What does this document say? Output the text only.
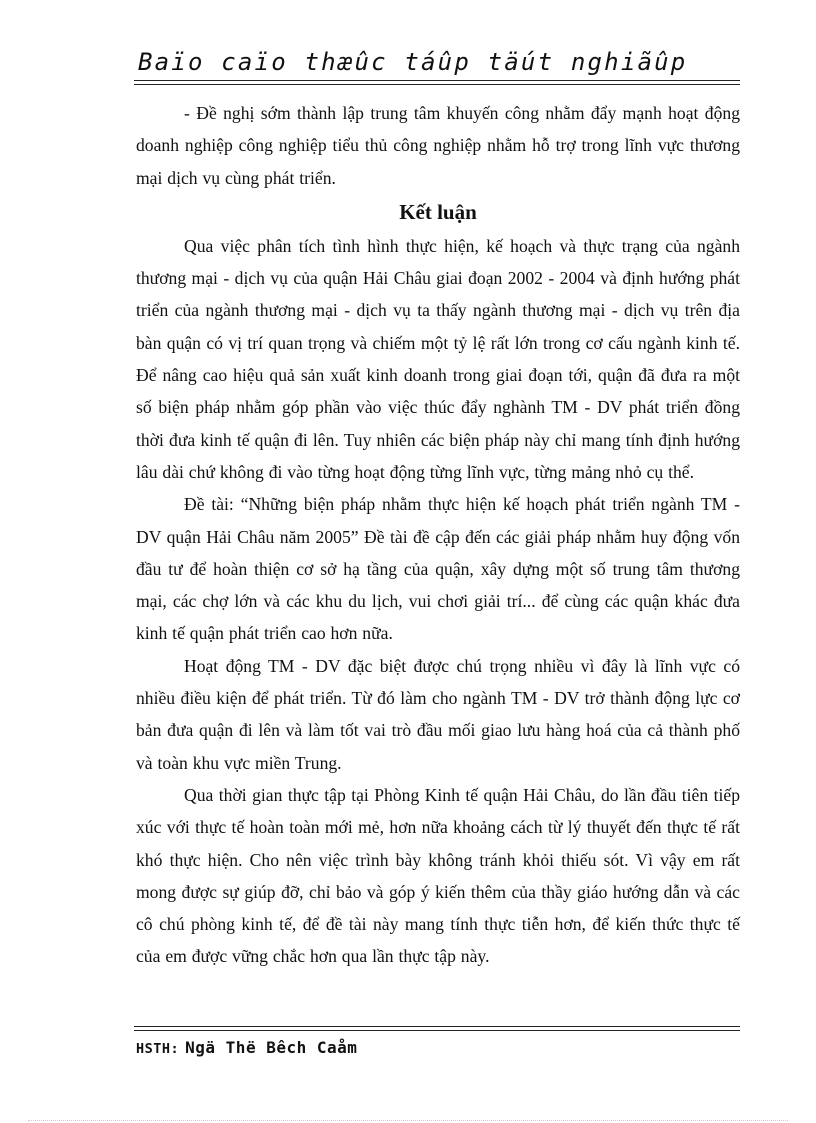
Baïo caïo thæûc táûp täút nghiãûp

- Đề nghị sớm thành lập trung tâm khuyến công nhằm đẩy mạnh hoạt động doanh nghiệp công nghiệp tiểu thủ công nghiệp nhằm hỗ trợ trong lĩnh vực thương mại dịch vụ cùng phát triển.

Kết luận

Qua việc phân tích tình hình thực hiện, kế hoạch và thực trạng của ngành thương mại - dịch vụ của quận Hải Châu giai đoạn 2002 - 2004 và định hướng phát triển của ngành thương mại - dịch vụ ta thấy ngành thương mại - dịch vụ trên địa bàn quận có vị trí quan trọng và chiếm một tỷ lệ rất lớn trong cơ cấu ngành kinh tế. Để nâng cao hiệu quả sản xuất kinh doanh trong giai đoạn tới, quận đã đưa ra một số biện pháp nhằm góp phần vào việc thúc đẩy nghành TM - DV phát triển đồng thời đưa kinh tế quận đi lên. Tuy nhiên các biện pháp này chỉ mang tính định hướng lâu dài chứ không đi vào từng hoạt động từng lĩnh vực, từng mảng nhỏ cụ thể.

Đề tài: “Những biện pháp nhằm thực hiện kế hoạch phát triển ngành TM - DV quận Hải Châu năm 2005” Đề tài đề cập đến các giải pháp nhằm huy động vốn đầu tư để hoàn thiện cơ sở hạ tầng của quận, xây dựng một số trung tâm thương mại, các chợ lớn và các khu du lịch, vui chơi giải trí... để cùng các quận khác đưa kinh tế quận phát triển cao hơn nữa.

Hoạt động TM - DV đặc biệt được chú trọng nhiều vì đây là lĩnh vực có nhiều điều kiện để phát triển. Từ đó làm cho ngành TM - DV trở thành động lực cơ bản đưa quận đi lên và làm tốt vai trò đầu mối giao lưu hàng hoá của cả thành phố và toàn khu vực miền Trung.

Qua thời gian thực tập tại Phòng Kinh tế quận Hải Châu, do lần đầu tiên tiếp xúc với thực tế hoàn toàn mới mẻ, hơn nữa khoảng cách từ lý thuyết đến thực tế rất khó thực hiện. Cho nên việc trình bày không tránh khỏi thiếu sót. Vì vậy em rất mong được sự giúp đỡ, chỉ bảo và góp ý kiến thêm của thầy giáo hướng dẫn và các cô chú phòng kinh tế, để đề tài này mang tính thực tiễn hơn, để kiến thức thực tế của em được vững chắc hơn qua lần thực tập này.

HSTH: Ngä Thë Bêch Caåm
